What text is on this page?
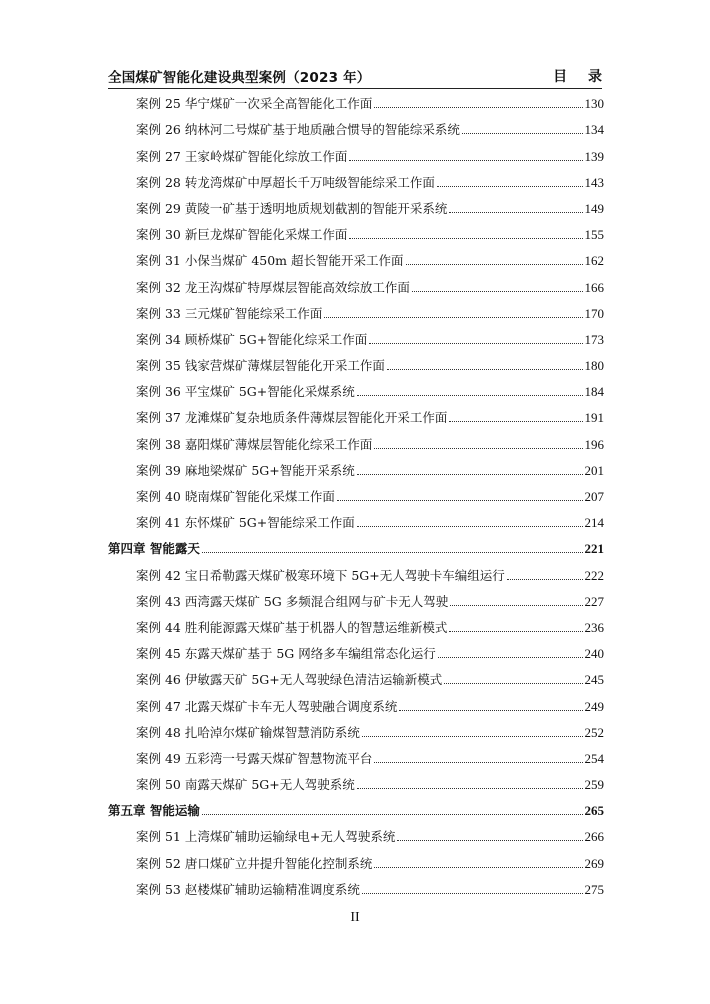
全国煤矿智能化建设典型案例（2023 年）	目 录
案例 25 华宁煤矿一次采全高智能化工作面	130
案例 26 纳林河二号煤矿基于地质融合惯导的智能综采系统	134
案例 27 王家岭煤矿智能化综放工作面	139
案例 28 转龙湾煤矿中厚超长千万吨级智能综采工作面	143
案例 29 黄陵一矿基于透明地质规划截割的智能开采系统	149
案例 30 新巨龙煤矿智能化采煤工作面	155
案例 31 小保当煤矿 450m 超长智能开采工作面	162
案例 32 龙王沟煤矿特厚煤层智能高效综放工作面	166
案例 33 三元煤矿智能综采工作面	170
案例 34 顾桥煤矿 5G+智能化综采工作面	173
案例 35 钱家营煤矿薄煤层智能化开采工作面	180
案例 36 平宝煤矿 5G+智能化采煤系统	184
案例 37 龙滩煤矿复杂地质条件薄煤层智能化开采工作面	191
案例 38 嘉阳煤矿薄煤层智能化综采工作面	196
案例 39 麻地梁煤矿 5G+智能开采系统	201
案例 40 晓南煤矿智能化采煤工作面	207
案例 41 东怀煤矿 5G+智能综采工作面	214
第四章 智能露天	221
案例 42 宝日希勒露天煤矿极寒环境下 5G+无人驾驶卡车编组运行	222
案例 43 西湾露天煤矿 5G 多频混合组网与矿卡无人驾驶	227
案例 44 胜利能源露天煤矿基于机器人的智慧运维新模式	236
案例 45 东露天煤矿基于 5G 网络多车编组常态化运行	240
案例 46 伊敏露天矿 5G+无人驾驶绿色清洁运输新模式	245
案例 47 北露天煤矿卡车无人驾驶融合调度系统	249
案例 48 扎哈淖尔煤矿输煤智慧消防系统	252
案例 49 五彩湾一号露天煤矿智慧物流平台	254
案例 50 南露天煤矿 5G+无人驾驶系统	259
第五章 智能运输	265
案例 51 上湾煤矿辅助运输绿电+无人驾驶系统	266
案例 52 唐口煤矿立井提升智能化控制系统	269
案例 53 赵楼煤矿辅助运输精准调度系统	275
II
